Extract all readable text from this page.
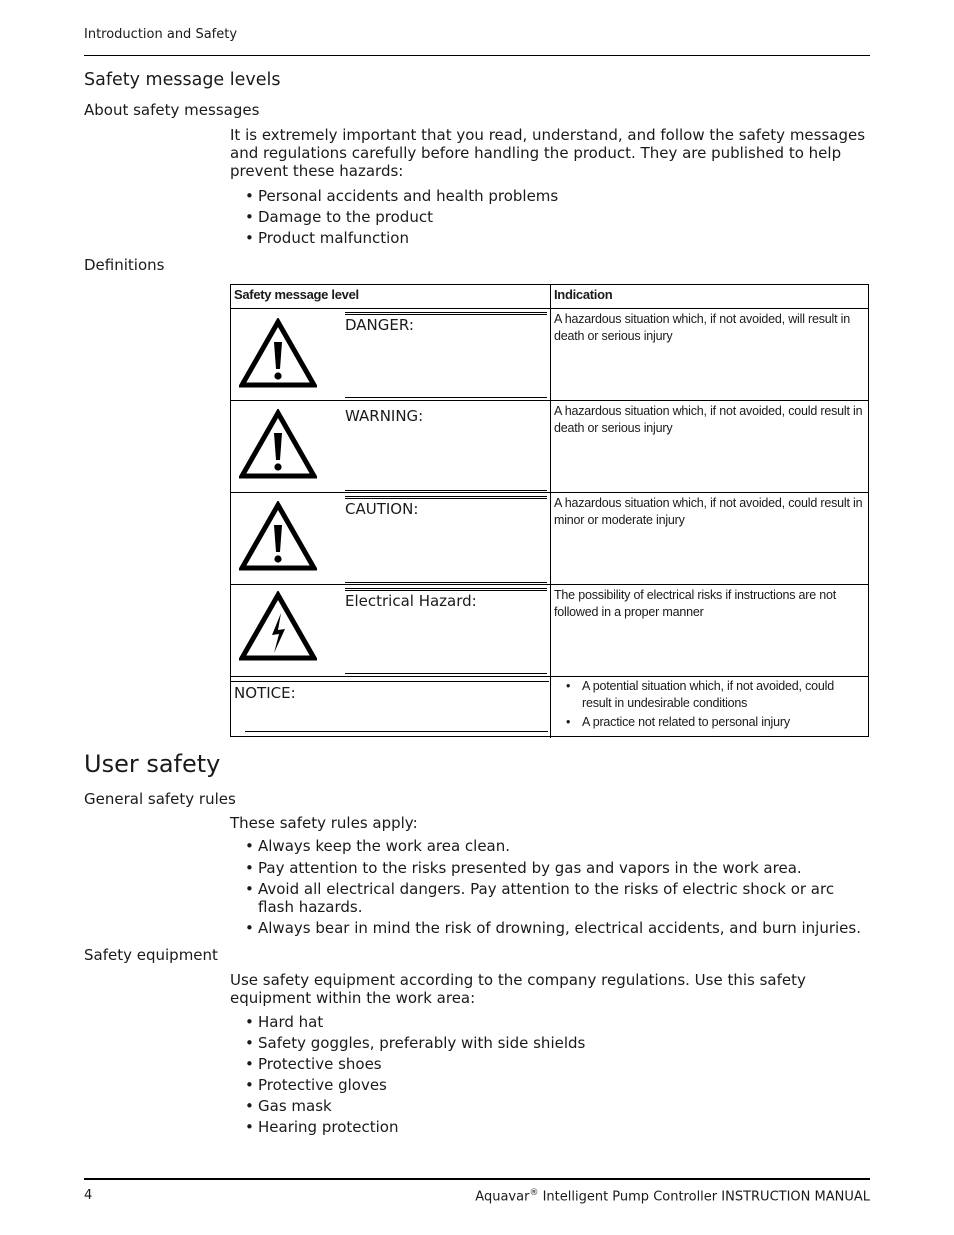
Introduction and Safety
Safety message levels
About safety messages
It is extremely important that you read, understand, and follow the safety messages and regulations carefully before handling the product. They are published to help prevent these hazards:
• Personal accidents and health problems
• Damage to the product
• Product malfunction
Definitions
Safety message level	Indication
DANGER:	A hazardous situation which, if not avoided, will result in death or serious injury
WARNING:	A hazardous situation which, if not avoided, could result in death or serious injury
CAUTION:	A hazardous situation which, if not avoided, could result in minor or moderate injury
Electrical Hazard:	The possibility of electrical risks if instructions are not followed in a proper manner
NOTICE:
•	A potential situation which, if not avoided, could result in undesirable conditions
• A practice not related to personal injury
User safety
General safety rules
These safety rules apply:
• Always keep the work area clean.
• Pay attention to the risks presented by gas and vapors in the work area.
• Avoid all electrical dangers. Pay attention to the risks of electric shock or arc flash hazards.
• Always bear in mind the risk of drowning, electrical accidents, and burn injuries.
Safety equipment
Use safety equipment according to the company regulations. Use this safety equipment within the work area:
• Hard hat
• Safety goggles, preferably with side shields
• Protective shoes
• Protective gloves
• Gas mask
• Hearing protection
4	Aquavar® Intelligent Pump Controller INSTRUCTION MANUAL
